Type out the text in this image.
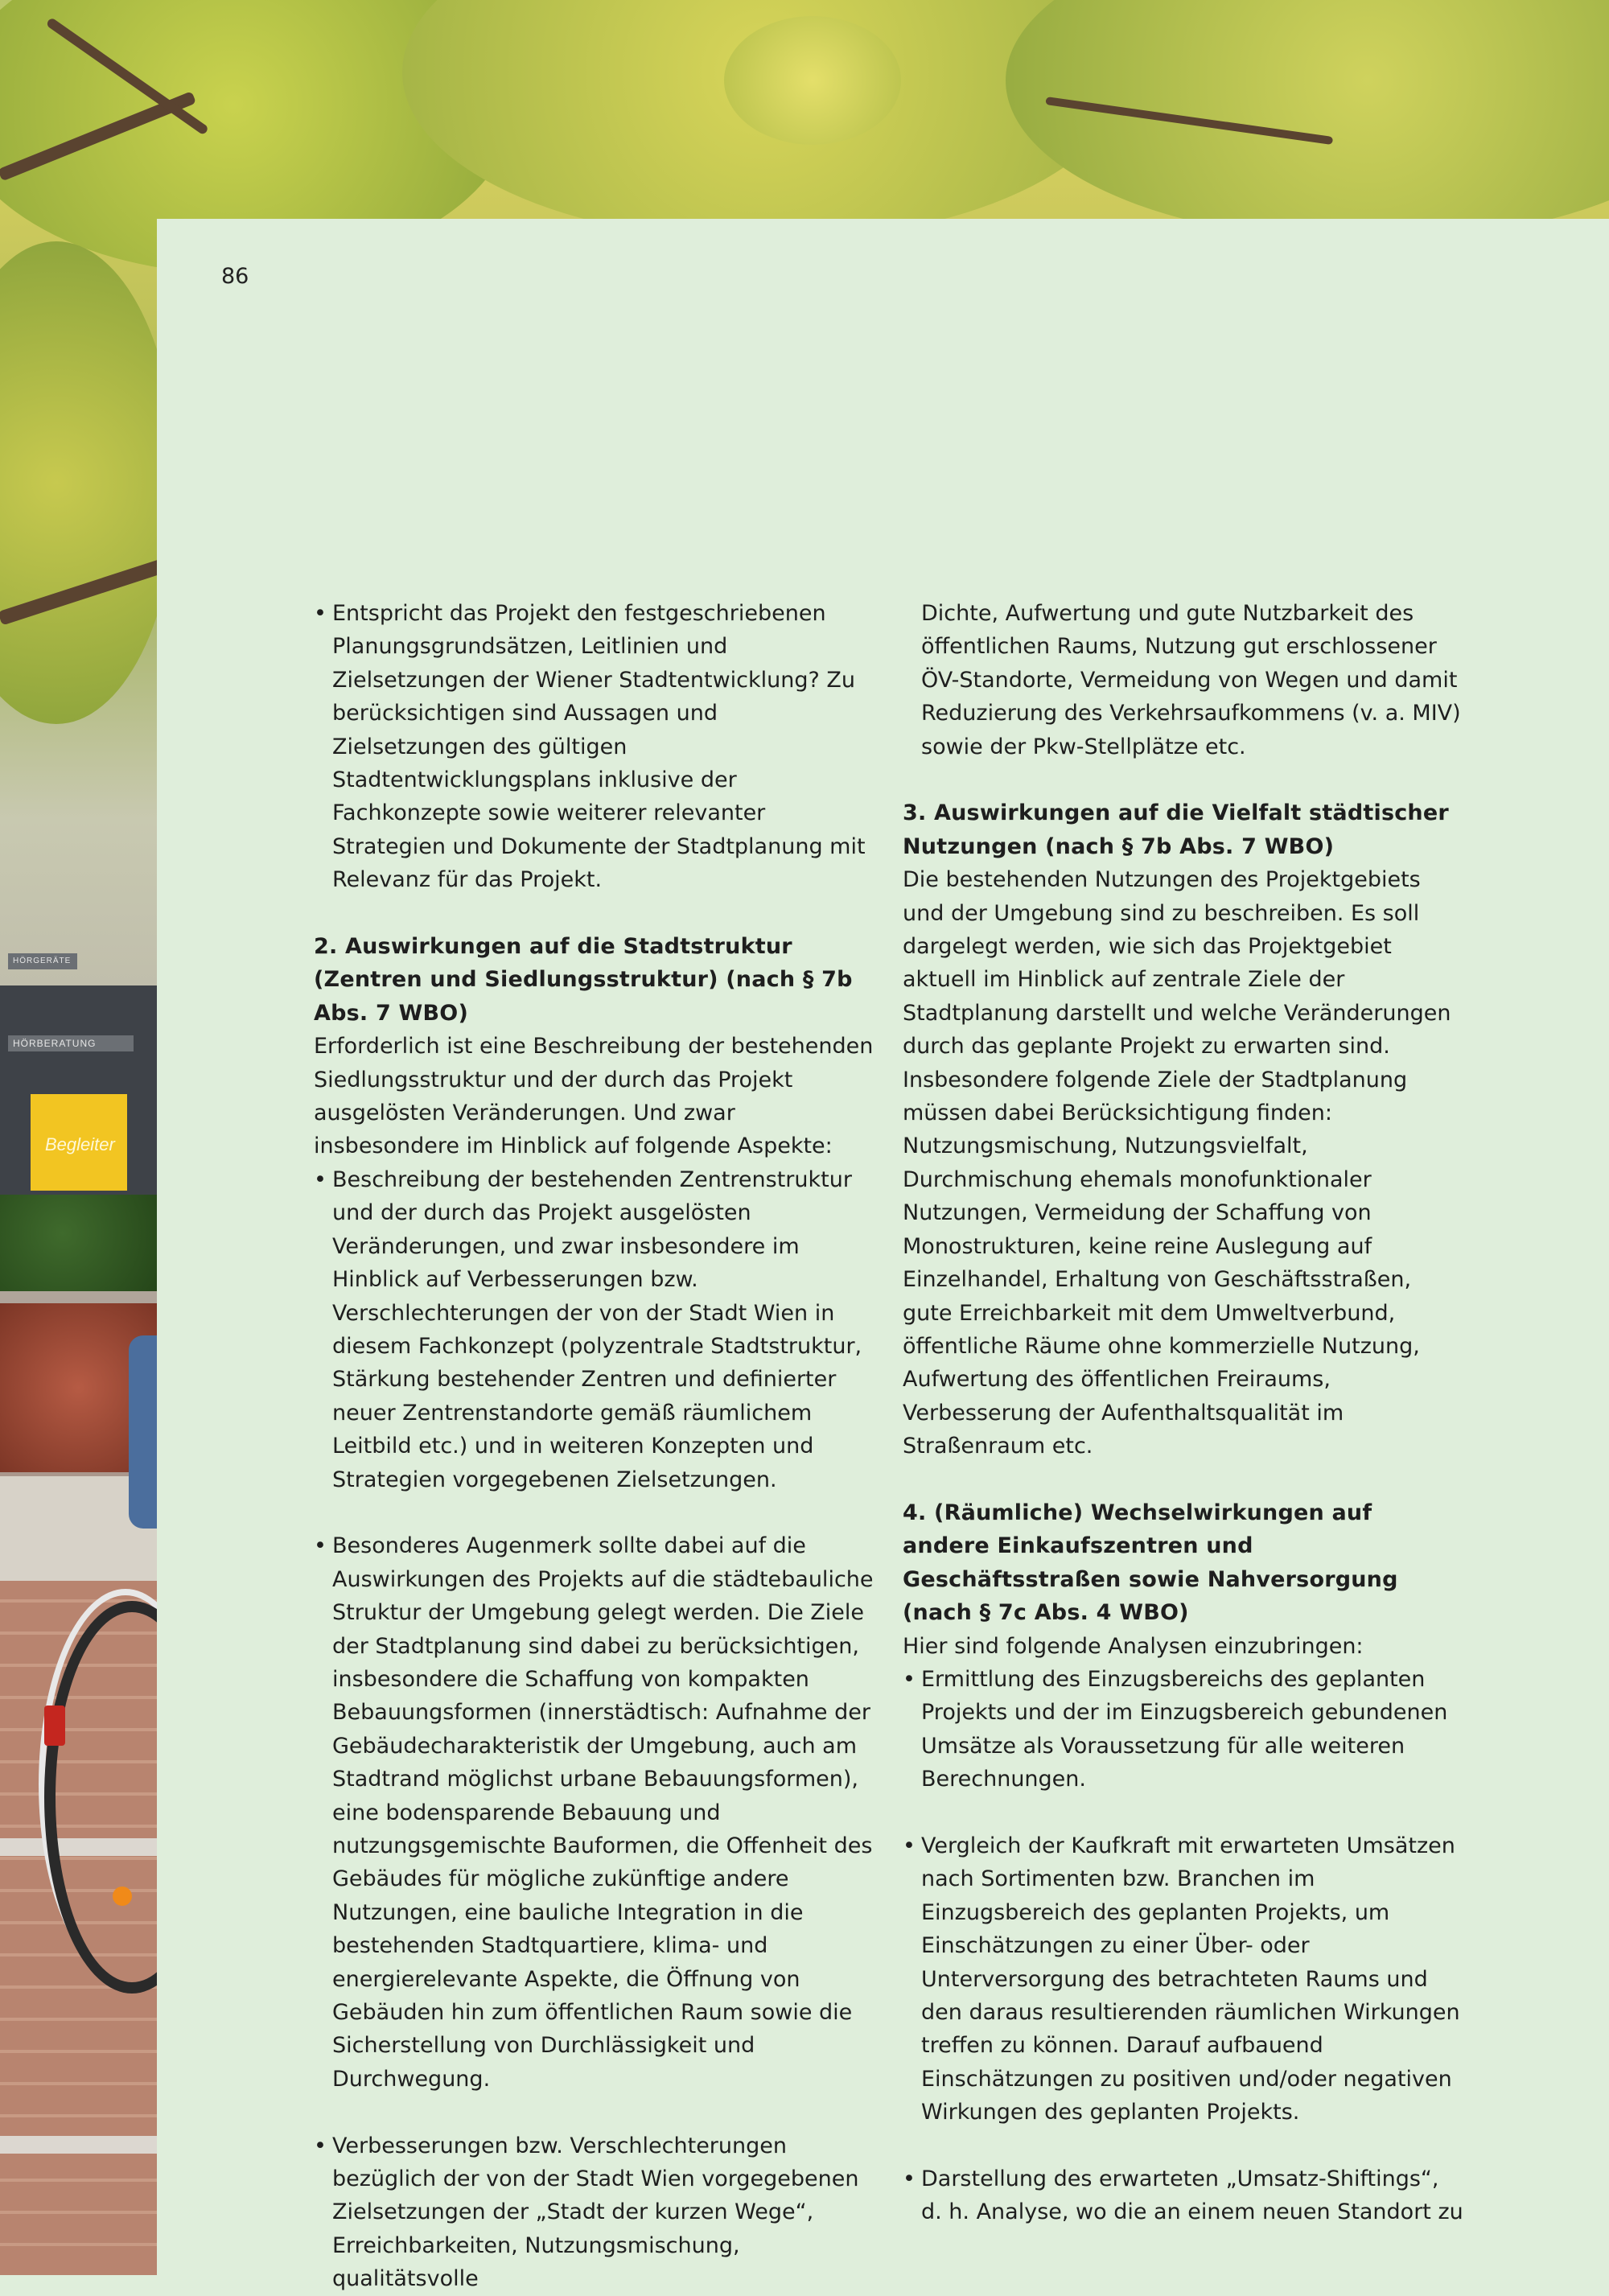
HÖRGERÄTE
HÖRBERATUNG
Begleiter
86

• Entspricht das Projekt den festgeschriebenen Planungsgrundsätzen, Leitlinien und Zielsetzungen der Wiener Stadtentwicklung? Zu berücksichtigen sind Aussagen und Zielsetzungen des gültigen Stadtentwicklungsplans inklusive der Fachkonzepte sowie weiterer relevanter Strategien und Dokumente der Stadtplanung mit Relevanz für das Projekt.

2. Auswirkungen auf die Stadtstruktur (Zentren und Siedlungsstruktur) (nach § 7b Abs. 7 WBO)

Erforderlich ist eine Beschreibung der bestehenden Siedlungsstruktur und der durch das Projekt ausgelösten Veränderungen. Und zwar insbesondere im Hinblick auf folgende Aspekte:

• Beschreibung der bestehenden Zentrenstruktur und der durch das Projekt ausgelösten Veränderungen, und zwar insbesondere im Hinblick auf Verbesserungen bzw. Verschlechterungen der von der Stadt Wien in diesem Fachkonzept (polyzentrale Stadtstruktur, Stärkung bestehender Zentren und definierter neuer Zentrenstandorte gemäß räumlichem Leitbild etc.) und in weiteren Konzepten und Strategien vorgegebenen Zielsetzungen.

• Besonderes Augenmerk sollte dabei auf die Auswirkungen des Projekts auf die städtebauliche Struktur der Umgebung gelegt werden. Die Ziele der Stadtplanung sind dabei zu berücksichtigen, insbesondere die Schaffung von kompakten Bebauungsformen (innerstädtisch: Aufnahme der Gebäudecharakteristik der Umgebung, auch am Stadtrand möglichst urbane Bebauungsformen), eine bodensparende Bebauung und nutzungsgemischte Bauformen, die Offenheit des Gebäudes für mögliche zukünftige andere Nutzungen, eine bauliche Integration in die bestehenden Stadtquartiere, klima- und energierelevante Aspekte, die Öffnung von Gebäuden hin zum öffentlichen Raum sowie die Sicherstellung von Durchlässigkeit und Durchwegung.

• Verbesserungen bzw. Verschlechterungen bezüglich der von der Stadt Wien vorgegebenen Zielsetzungen der „Stadt der kurzen Wege“, Erreichbarkeiten, Nutzungsmischung, qualitätsvolle

Dichte, Aufwertung und gute Nutzbarkeit des öffentlichen Raums, Nutzung gut erschlossener ÖV-Standorte, Vermeidung von Wegen und damit Reduzierung des Verkehrsaufkommens (v. a. MIV) sowie der Pkw-Stellplätze etc.

3. Auswirkungen auf die Vielfalt städtischer Nutzungen (nach § 7b Abs. 7 WBO)

Die bestehenden Nutzungen des Projektgebiets und der Umgebung sind zu beschreiben. Es soll dargelegt werden, wie sich das Projektgebiet aktuell im Hinblick auf zentrale Ziele der Stadtplanung darstellt und welche Veränderungen durch das geplante Projekt zu erwarten sind. Insbesondere folgende Ziele der Stadtplanung müssen dabei Berücksichtigung finden: Nutzungsmischung, Nutzungsvielfalt, Durchmischung ehemals monofunktionaler Nutzungen, Vermeidung der Schaffung von Monostrukturen, keine reine Auslegung auf Einzelhandel, Erhaltung von Geschäftsstraßen, gute Erreichbarkeit mit dem Umweltverbund, öffentliche Räume ohne kommerzielle Nutzung, Aufwertung des öffentlichen Freiraums, Verbesserung der Aufenthaltsqualität im Straßenraum etc.

4. (Räumliche) Wechselwirkungen auf andere Einkaufszentren und Geschäftsstraßen sowie Nahversorgung (nach § 7c Abs. 4 WBO)

Hier sind folgende Analysen einzubringen:

• Ermittlung des Einzugsbereichs des geplanten Projekts und der im Einzugsbereich gebundenen Umsätze als Voraussetzung für alle weiteren Berechnungen.

• Vergleich der Kaufkraft mit erwarteten Umsätzen nach Sortimenten bzw. Branchen im Einzugsbereich des geplanten Projekts, um Einschätzungen zu einer Über- oder Unterversorgung des betrachteten Raums und den daraus resultierenden räumlichen Wirkungen treffen zu können. Darauf aufbauend Einschätzungen zu positiven und/oder negativen Wirkungen des geplanten Projekts.

• Darstellung des erwarteten „Umsatz-Shiftings“, d. h. Analyse, wo die an einem neuen Standort zu
